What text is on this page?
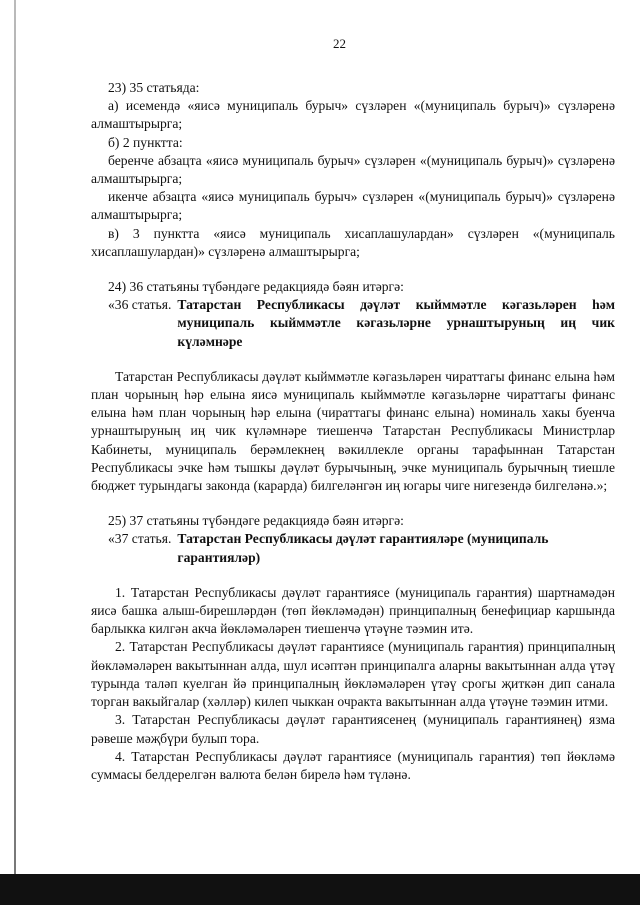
22

23) 35 статьяда:

а) исемендә «яисә муниципаль бурыч» сүзләрен «(муниципаль бурыч)» сүзләренә алмаштырырга;

б) 2 пунктта:

беренче абзацта «яисә муниципаль бурыч» сүзләрен «(муниципаль бурыч)» сүзләренә алмаштырырга;

икенче абзацта «яисә муниципаль бурыч» сүзләрен «(муниципаль бурыч)» сүзләренә алмаштырырга;

в) 3 пунктта «яисә муниципаль хисаплашулардан» сүзләрен «(муниципаль хисаплашулардан)» сүзләренә алмаштырырга;

24) 36 статьяны түбәндәге редакциядә бәян итәргә:

«36 статья. Татарстан Республикасы дәүләт кыйммәтле кәгазьләрен һәм муниципаль кыйммәтле кәгазьләрне урнаштыруның иң чик күләмнәре

Татарстан Республикасы дәүләт кыйммәтле кәгазьләрен чираттагы финанс елына һәм план чорының һәр елына яисә муниципаль кыйммәтле кәгазьләрне чираттагы финанс елына һәм план чорының һәр елына (чираттагы финанс елына) номиналь хакы буенча урнаштыруның иң чик күләмнәре тиешенчә Татарстан Республикасы Министрлар Кабинеты, муниципаль берәмлекнең вәкиллекле органы тарафыннан Татарстан Республикасы эчке һәм тышкы дәүләт бурычының, эчке муниципаль бурычның тиешле бюджет турындагы законда (карарда) билгеләнгән иң югары чиге нигезендә билгеләнә.»;

25) 37 статьяны түбәндәге редакциядә бәян итәргә:

«37 статья. Татарстан Республикасы дәүләт гарантияләре (муниципаль
гарантияләр)

1. Татарстан Республикасы дәүләт гарантиясе (муниципаль гарантия) шартнамәдән яисә башка алыш-бирешләрдән (төп йөкләмәдән) принципалның бенефициар каршында барлыкка килгән акча йөкләмәләрен тиешенчә үтәүне тәэмин итә.

2. Татарстан Республикасы дәүләт гарантиясе (муниципаль гарантия) принципалның йөкләмәләрен вакытыннан алда, шул исәптән принципалга аларны вакытыннан алда үтәү турында таләп куелган йә принципалның йөкләмәләрен үтәү срогы җиткән дип санала торган вакыйгалар (хәлләр) килеп чыккан очракта вакытыннан алда үтәүне тәэмин итми.

3. Татарстан Республикасы дәүләт гарантиясенең (муниципаль гарантиянең) язма рәвеше мәҗбүри булып тора.

4. Татарстан Республикасы дәүләт гарантиясе (муниципаль гарантия) төп йөкләмә суммасы белдерелгән валюта белән бирелә һәм түләнә.
